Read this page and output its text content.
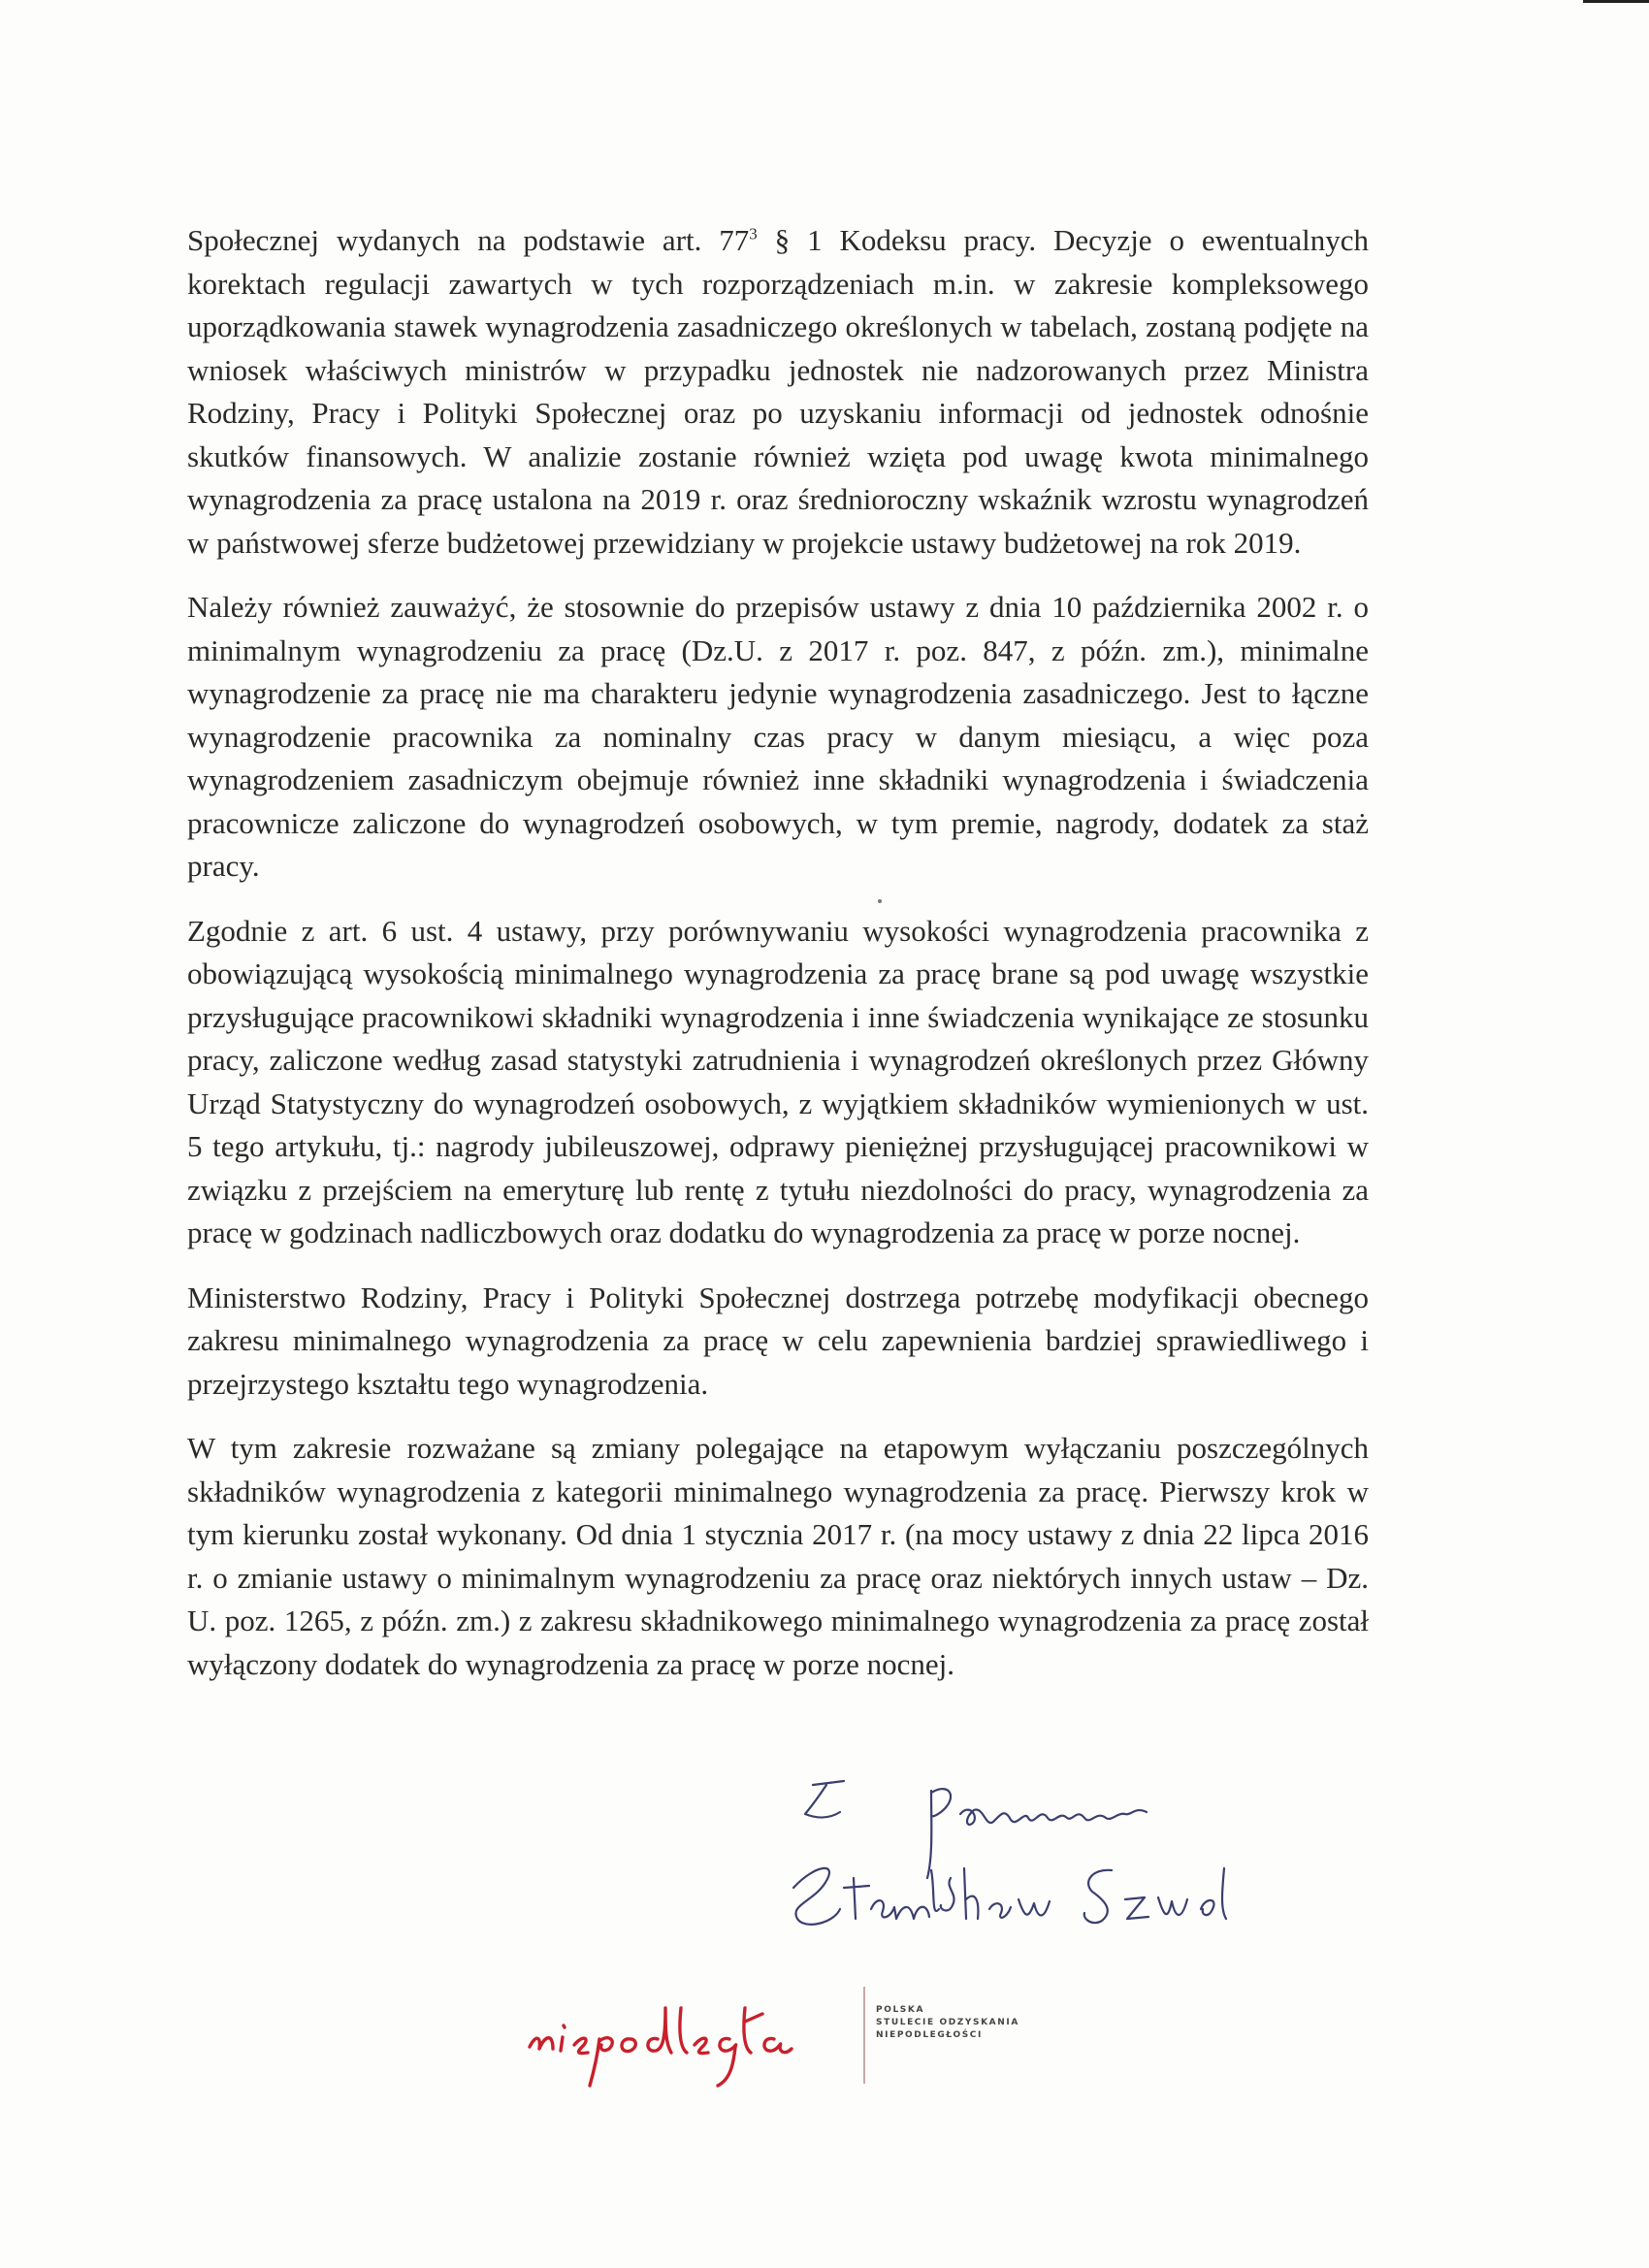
Społecznej wydanych na podstawie art. $77^3$ § 1 Kodeksu pracy. Decyzje o ewentualnych korektach regulacji zawartych w tych rozporządzeniach m.in. w zakresie kompleksowego uporządkowania stawek wynagrodzenia zasadniczego określonych w tabelach, zostaną podjęte na wniosek właściwych ministrów w przypadku jednostek nie nadzorowanych przez Ministra Rodziny, Pracy i Polityki Społecznej oraz po uzyskaniu informacji od jednostek odnośnie skutków finansowych. W analizie zostanie również wzięta pod uwagę kwota minimalnego wynagrodzenia za pracę ustalona na 2019 r. oraz średnioroczny wskaźnik wzrostu wynagrodzeń w państwowej sferze budżetowej przewidziany w projekcie ustawy budżetowej na rok 2019.

Należy również zauważyć, że stosownie do przepisów ustawy z dnia 10 października 2002 r. o minimalnym wynagrodzeniu za pracę (Dz.U. z 2017 r. poz. 847, z późn. zm.), minimalne wynagrodzenie za pracę nie ma charakteru jedynie wynagrodzenia zasadniczego. Jest to łączne wynagrodzenie pracownika za nominalny czas pracy w danym miesiącu, a więc poza wynagrodzeniem zasadniczym obejmuje również inne składniki wynagrodzenia i świadczenia pracownicze zaliczone do wynagrodzeń osobowych, w tym premie, nagrody, dodatek za staż pracy.

Zgodnie z art. 6 ust. 4 ustawy, przy porównywaniu wysokości wynagrodzenia pracownika z obowiązującą wysokością minimalnego wynagrodzenia za pracę brane są pod uwagę wszystkie przysługujące pracownikowi składniki wynagrodzenia i inne świadczenia wynikające ze stosunku pracy, zaliczone według zasad statystyki zatrudnienia i wynagrodzeń określonych przez Główny Urząd Statystyczny do wynagrodzeń osobowych, z wyjątkiem składników wymienionych w ust. 5 tego artykułu, tj.: nagrody jubileuszowej, odprawy pieniężnej przysługującej pracownikowi w związku z przejściem na emeryturę lub rentę z tytułu niezdolności do pracy, wynagrodzenia za pracę w godzinach nadliczbowych oraz dodatku do wynagrodzenia za pracę w porze nocnej.

Ministerstwo Rodziny, Pracy i Polityki Społecznej dostrzega potrzebę modyfikacji obecnego zakresu minimalnego wynagrodzenia za pracę w celu zapewnienia bardziej sprawiedliwego i przejrzystego kształtu tego wynagrodzenia.

W tym zakresie rozważane są zmiany polegające na etapowym wyłączaniu poszczególnych składników wynagrodzenia z kategorii minimalnego wynagrodzenia za pracę. Pierwszy krok w tym kierunku został wykonany. Od dnia 1 stycznia 2017 r. (na mocy ustawy z dnia 22 lipca 2016 r. o zmianie ustawy o minimalnym wynagrodzeniu za pracę oraz niektórych innych ustaw – Dz. U. poz. 1265, z późn. zm.) z zakresu składnikowego minimalnego wynagrodzenia za pracę został wyłączony dodatek do wynagrodzenia za pracę w porze nocnej.

POLSKA
STULECIE ODZYSKANIA
NIEPODLEGŁOŚCI
